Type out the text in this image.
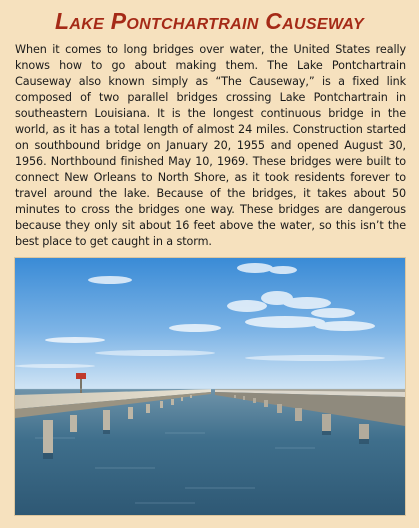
Lake Pontchartrain Causeway

When it comes to long bridges over water, the United States really knows how to go about making them. The Lake Pontchartrain Causeway also known simply as “The Causeway,” is a fixed link composed of two parallel bridges crossing Lake Pontchartrain in southeastern Louisiana. It is the longest continuous bridge in the world, as it has a total length of almost 24 miles. Construction started on southbound bridge on January 20, 1955 and opened August 30, 1956. Northbound finished May 10, 1969. These bridges were built to connect New Orleans to North Shore, as it took residents forever to travel around the lake. Because of the bridges, it takes about 50 minutes to cross the bridges one way. These bridges are dangerous because they only sit about 16 feet above the water, so this isn’t the best place to get caught in a storm.
